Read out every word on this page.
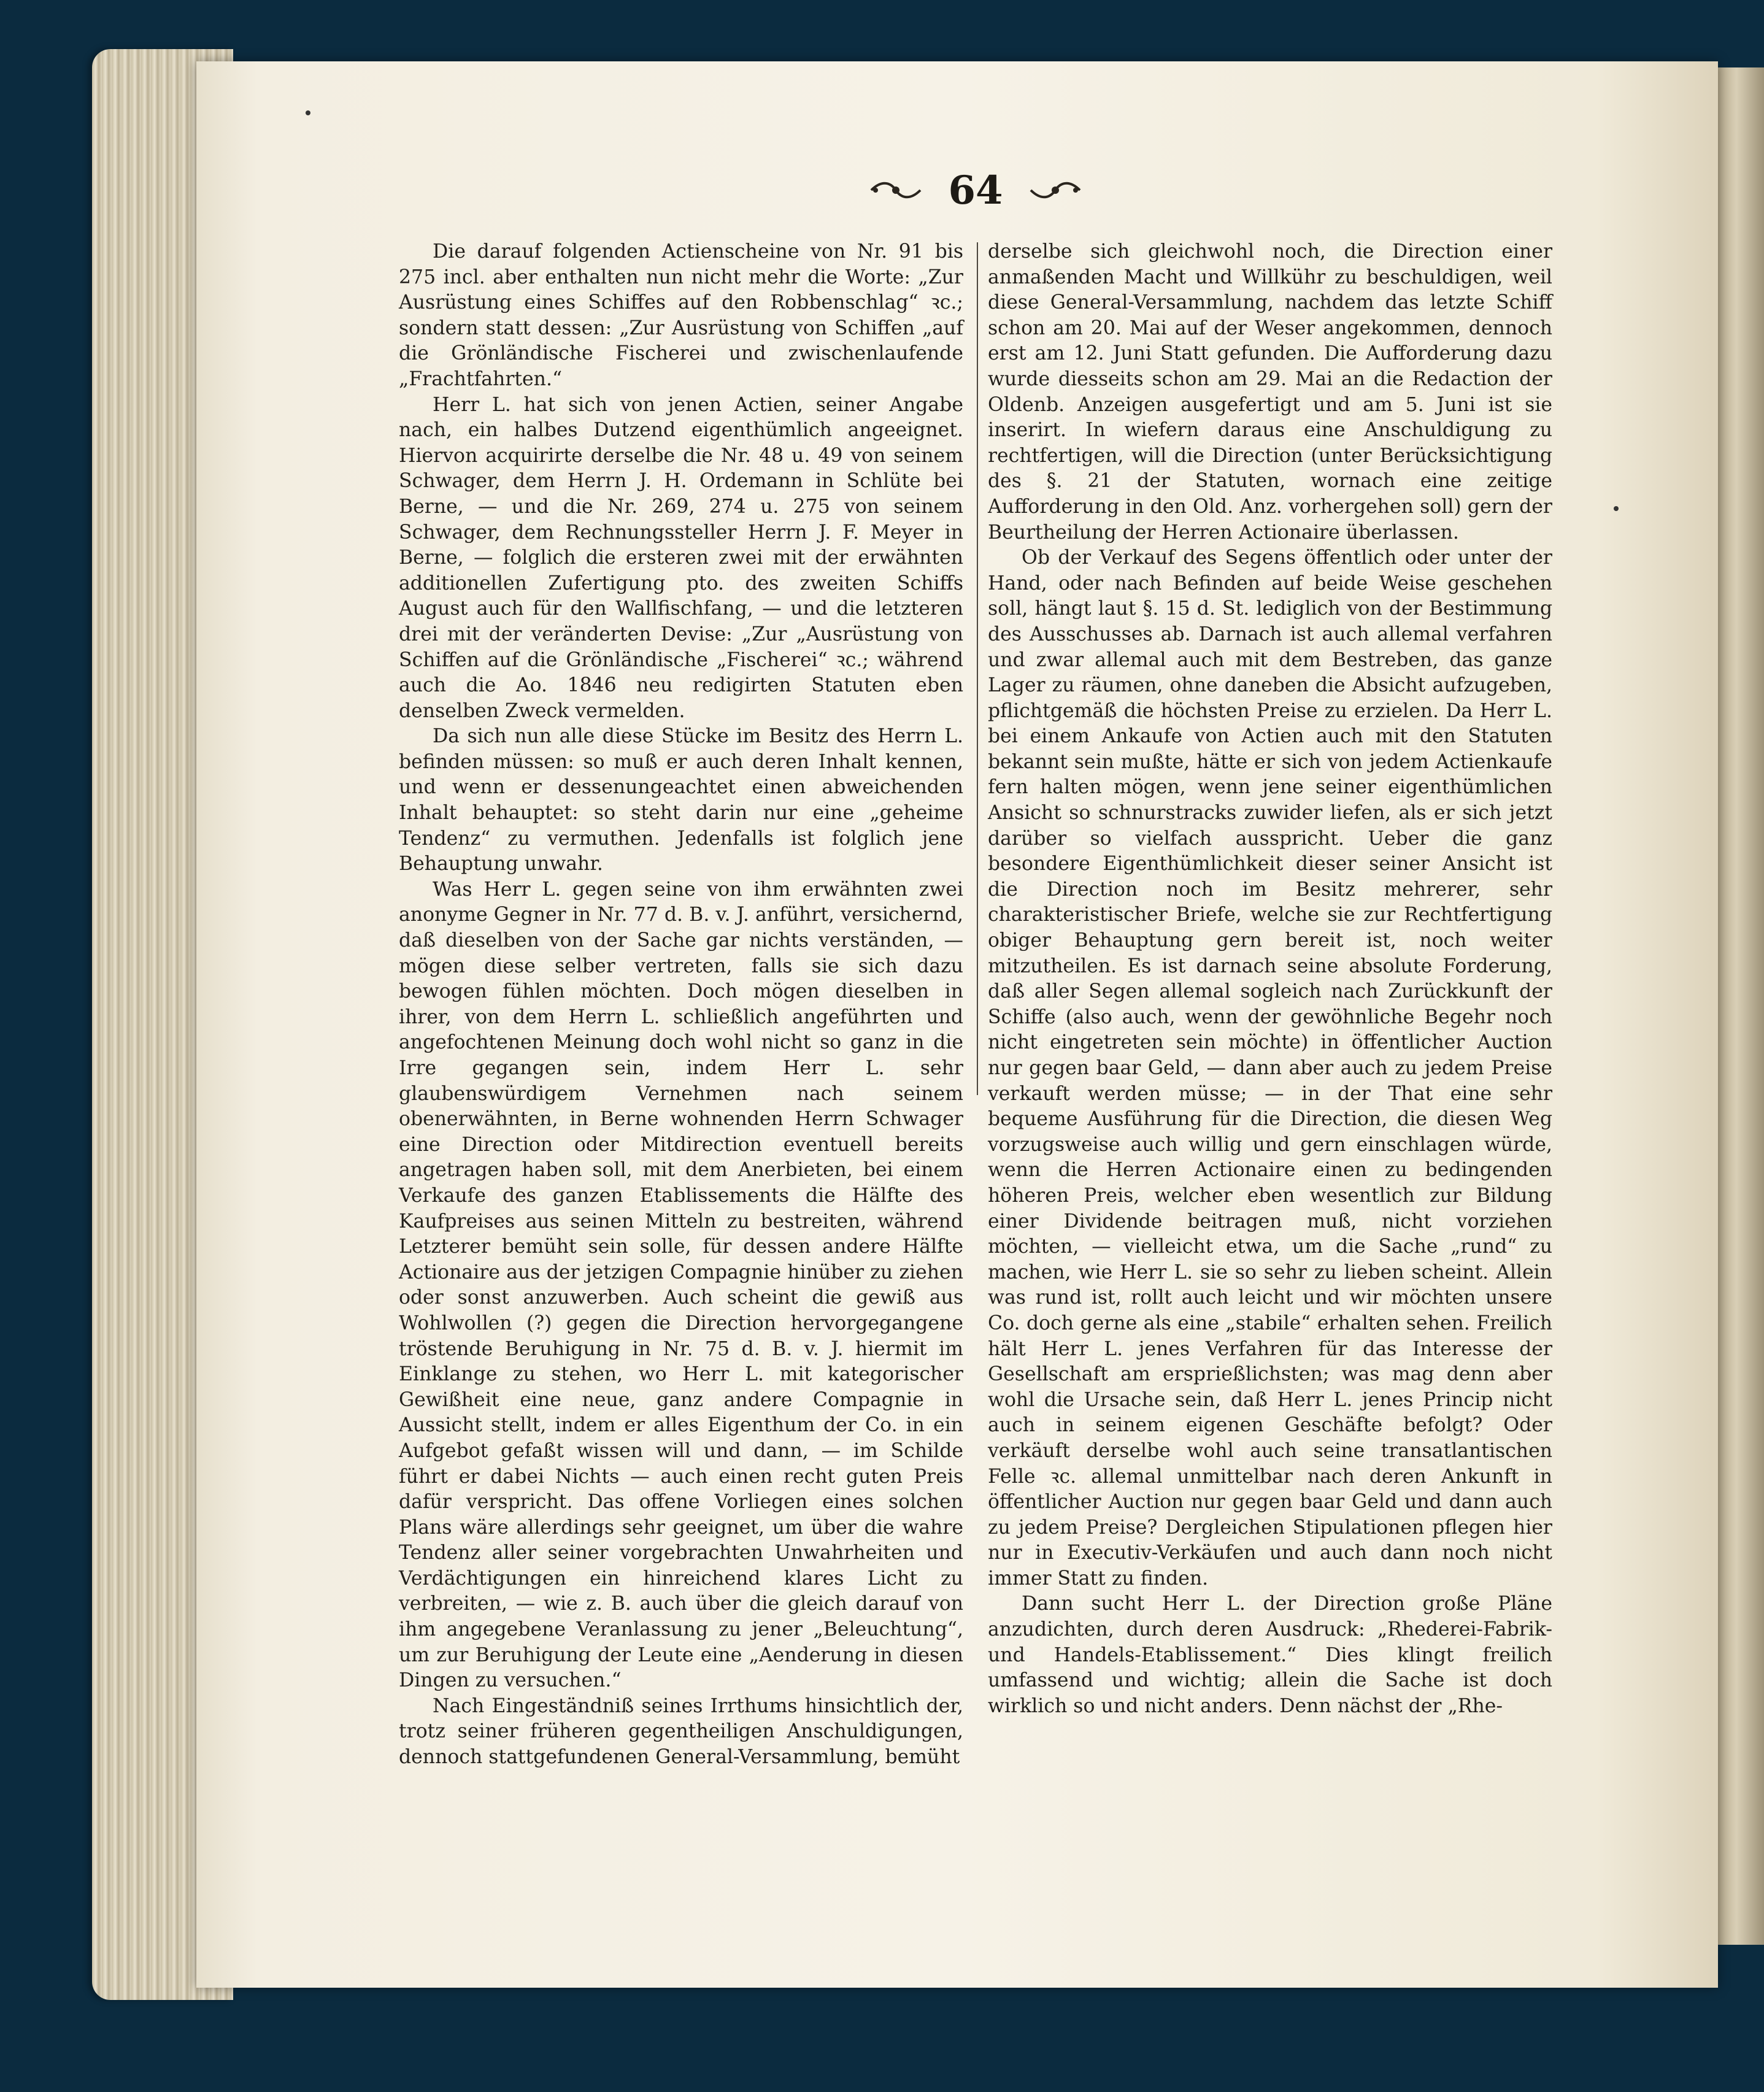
64

Die darauf folgenden Actienscheine von Nr. 91 bis 275 incl. aber enthalten nun nicht mehr die Worte: „Zur Ausrüstung eines Schiffes auf den Robbenschlag“ ꝛc.; sondern statt dessen: „Zur Ausrüstung von Schiffen „auf die Grönländische Fischerei und zwischenlaufende „Frachtfahrten.“

Herr L. hat sich von jenen Actien, seiner Angabe nach, ein halbes Dutzend eigenthümlich angeeignet. Hiervon acquirirte derselbe die Nr. 48 u. 49 von seinem Schwager, dem Herrn J. H. Ordemann in Schlüte bei Berne, — und die Nr. 269, 274 u. 275 von seinem Schwager, dem Rechnungssteller Herrn J. F. Meyer in Berne, — folglich die ersteren zwei mit der erwähnten additionellen Zufertigung pto. des zweiten Schiffs August auch für den Wallfischfang, — und die letzteren drei mit der veränderten Devise: „Zur „Ausrüstung von Schiffen auf die Grönländische „Fischerei“ ꝛc.; während auch die Ao. 1846 neu redigirten Statuten eben denselben Zweck vermelden.

Da sich nun alle diese Stücke im Besitz des Herrn L. befinden müssen: so muß er auch deren Inhalt kennen, und wenn er dessenungeachtet einen abweichenden Inhalt behauptet: so steht darin nur eine „geheime Tendenz“ zu vermuthen. Jedenfalls ist folglich jene Behauptung unwahr.

Was Herr L. gegen seine von ihm erwähnten zwei anonyme Gegner in Nr. 77 d. B. v. J. anführt, versichernd, daß dieselben von der Sache gar nichts verständen, — mögen diese selber vertreten, falls sie sich dazu bewogen fühlen möchten. Doch mögen dieselben in ihrer, von dem Herrn L. schließlich angeführten und angefochtenen Meinung doch wohl nicht so ganz in die Irre gegangen sein, indem Herr L. sehr glaubenswürdigem Vernehmen nach seinem obenerwähnten, in Berne wohnenden Herrn Schwager eine Direction oder Mitdirection eventuell bereits angetragen haben soll, mit dem Anerbieten, bei einem Verkaufe des ganzen Etablissements die Hälfte des Kaufpreises aus seinen Mitteln zu bestreiten, während Letzterer bemüht sein solle, für dessen andere Hälfte Actionaire aus der jetzigen Compagnie hinüber zu ziehen oder sonst anzuwerben. Auch scheint die gewiß aus Wohlwollen (?) gegen die Direction hervorgegangene tröstende Beruhigung in Nr. 75 d. B. v. J. hiermit im Einklange zu stehen, wo Herr L. mit kategorischer Gewißheit eine neue, ganz andere Compagnie in Aussicht stellt, indem er alles Eigenthum der Co. in ein Aufgebot gefaßt wissen will und dann, — im Schilde führt er dabei Nichts — auch einen recht guten Preis dafür verspricht. Das offene Vorliegen eines solchen Plans wäre allerdings sehr geeignet, um über die wahre Tendenz aller seiner vorgebrachten Unwahrheiten und Verdächtigungen ein hinreichend klares Licht zu verbreiten, — wie z. B. auch über die gleich darauf von ihm angegebene Veranlassung zu jener „Beleuchtung“, um zur Beruhigung der Leute eine „Aenderung in diesen Dingen zu versuchen.“

Nach Eingeständniß seines Irrthums hinsichtlich der, trotz seiner früheren gegentheiligen Anschuldigungen, dennoch stattgefundenen General-Versammlung, bemüht

derselbe sich gleichwohl noch, die Direction einer anmaßenden Macht und Willkühr zu beschuldigen, weil diese General-Versammlung, nachdem das letzte Schiff schon am 20. Mai auf der Weser angekommen, dennoch erst am 12. Juni Statt gefunden. Die Aufforderung dazu wurde diesseits schon am 29. Mai an die Redaction der Oldenb. Anzeigen ausgefertigt und am 5. Juni ist sie inserirt. In wiefern daraus eine Anschuldigung zu rechtfertigen, will die Direction (unter Berücksichtigung des §. 21 der Statuten, wornach eine zeitige Aufforderung in den Old. Anz. vorhergehen soll) gern der Beurtheilung der Herren Actionaire überlassen.

Ob der Verkauf des Segens öffentlich oder unter der Hand, oder nach Befinden auf beide Weise geschehen soll, hängt laut §. 15 d. St. lediglich von der Bestimmung des Ausschusses ab. Darnach ist auch allemal verfahren und zwar allemal auch mit dem Bestreben, das ganze Lager zu räumen, ohne daneben die Absicht aufzugeben, pflichtgemäß die höchsten Preise zu erzielen. Da Herr L. bei einem Ankaufe von Actien auch mit den Statuten bekannt sein mußte, hätte er sich von jedem Actienkaufe fern halten mögen, wenn jene seiner eigenthümlichen Ansicht so schnurstracks zuwider liefen, als er sich jetzt darüber so vielfach ausspricht. Ueber die ganz besondere Eigenthümlichkeit dieser seiner Ansicht ist die Direction noch im Besitz mehrerer, sehr charakteristischer Briefe, welche sie zur Rechtfertigung obiger Behauptung gern bereit ist, noch weiter mitzutheilen. Es ist darnach seine absolute Forderung, daß aller Segen allemal sogleich nach Zurückkunft der Schiffe (also auch, wenn der gewöhnliche Begehr noch nicht eingetreten sein möchte) in öffentlicher Auction nur gegen baar Geld, — dann aber auch zu jedem Preise verkauft werden müsse; — in der That eine sehr bequeme Ausführung für die Direction, die diesen Weg vorzugsweise auch willig und gern einschlagen würde, wenn die Herren Actionaire einen zu bedingenden höheren Preis, welcher eben wesentlich zur Bildung einer Dividende beitragen muß, nicht vorziehen möchten, — vielleicht etwa, um die Sache „rund“ zu machen, wie Herr L. sie so sehr zu lieben scheint. Allein was rund ist, rollt auch leicht und wir möchten unsere Co. doch gerne als eine „stabile“ erhalten sehen. Freilich hält Herr L. jenes Verfahren für das Interesse der Gesellschaft am ersprießlichsten; was mag denn aber wohl die Ursache sein, daß Herr L. jenes Princip nicht auch in seinem eigenen Geschäfte befolgt? Oder verkäuft derselbe wohl auch seine transatlantischen Felle ꝛc. allemal unmittelbar nach deren Ankunft in öffentlicher Auction nur gegen baar Geld und dann auch zu jedem Preise? Dergleichen Stipulationen pflegen hier nur in Executiv-Verkäufen und auch dann noch nicht immer Statt zu finden.

Dann sucht Herr L. der Direction große Pläne anzudichten, durch deren Ausdruck: „Rhederei-Fabrik- und Handels-Etablissement.“ Dies klingt freilich umfassend und wichtig; allein die Sache ist doch wirklich so und nicht anders. Denn nächst der „Rhe-
